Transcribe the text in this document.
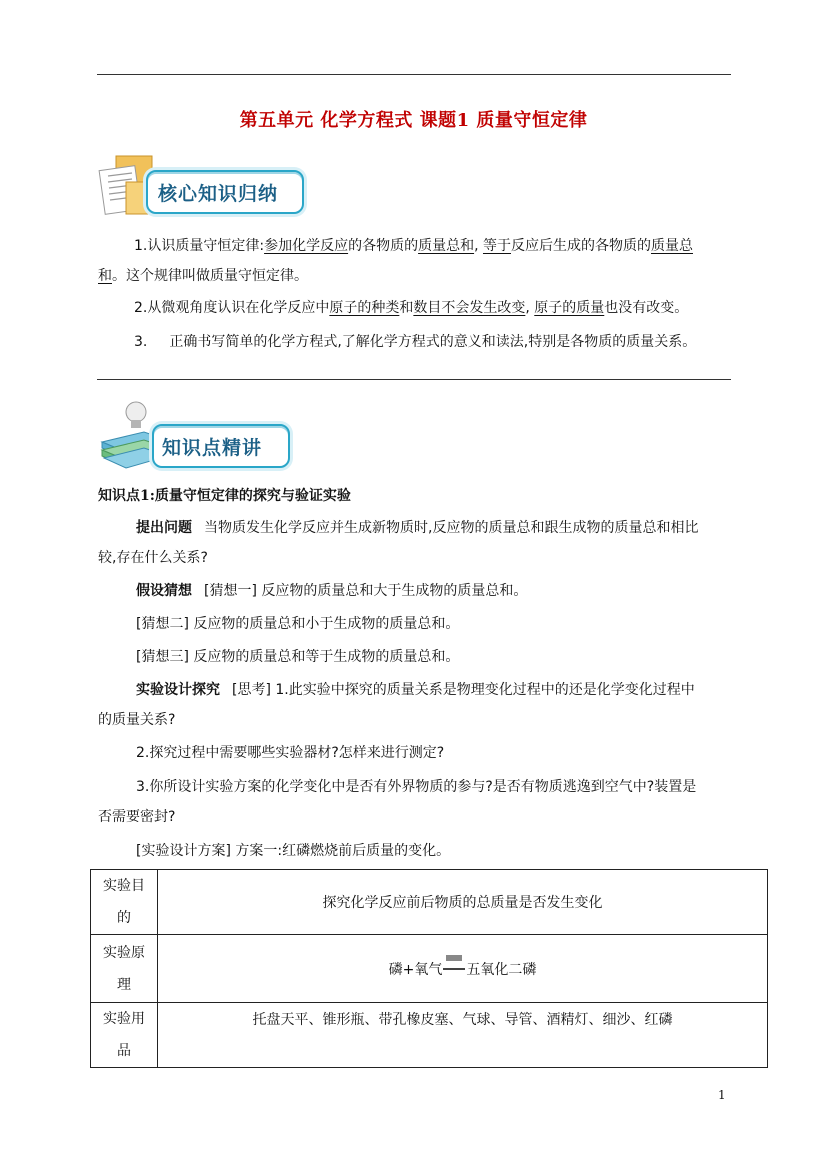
第五单元 化学方程式 课题1 质量守恒定律
核心知识归纳
1.认识质量守恒定律:参加化学反应的各物质的质量总和, 等于反应后生成的各物质的质量总
和。这个规律叫做质量守恒定律。
2.从微观角度认识在化学反应中原子的种类和数目不会发生改变, 原子的质量也没有改变。
3. 正确书写简单的化学方程式,了解化学方程式的意义和读法,特别是各物质的质量关系。
知识点精讲
知识点1:质量守恒定律的探究与验证实验
提出问题 当物质发生化学反应并生成新物质时,反应物的质量总和跟生成物的质量总和相比
较,存在什么关系?
假设猜想 [猜想一] 反应物的质量总和大于生成物的质量总和。
[猜想二] 反应物的质量总和小于生成物的质量总和。
[猜想三] 反应物的质量总和等于生成物的质量总和。
实验设计探究 [思考] 1.此实验中探究的质量关系是物理变化过程中的还是化学变化过程中
的质量关系?
2.探究过程中需要哪些实验器材?怎样来进行测定?
3.你所设计实验方案的化学变化中是否有外界物质的参与?是否有物质逃逸到空气中?装置是
否需要密封?
[实验设计方案] 方案一:红磷燃烧前后质量的变化。
实验目
的	探究化学反应前后物质的总质量是否发生变化
实验原
理	磷+氧气 五氧化二磷
实验用
品	托盘天平、锥形瓶、带孔橡皮塞、气球、导管、酒精灯、细沙、红磷
1
